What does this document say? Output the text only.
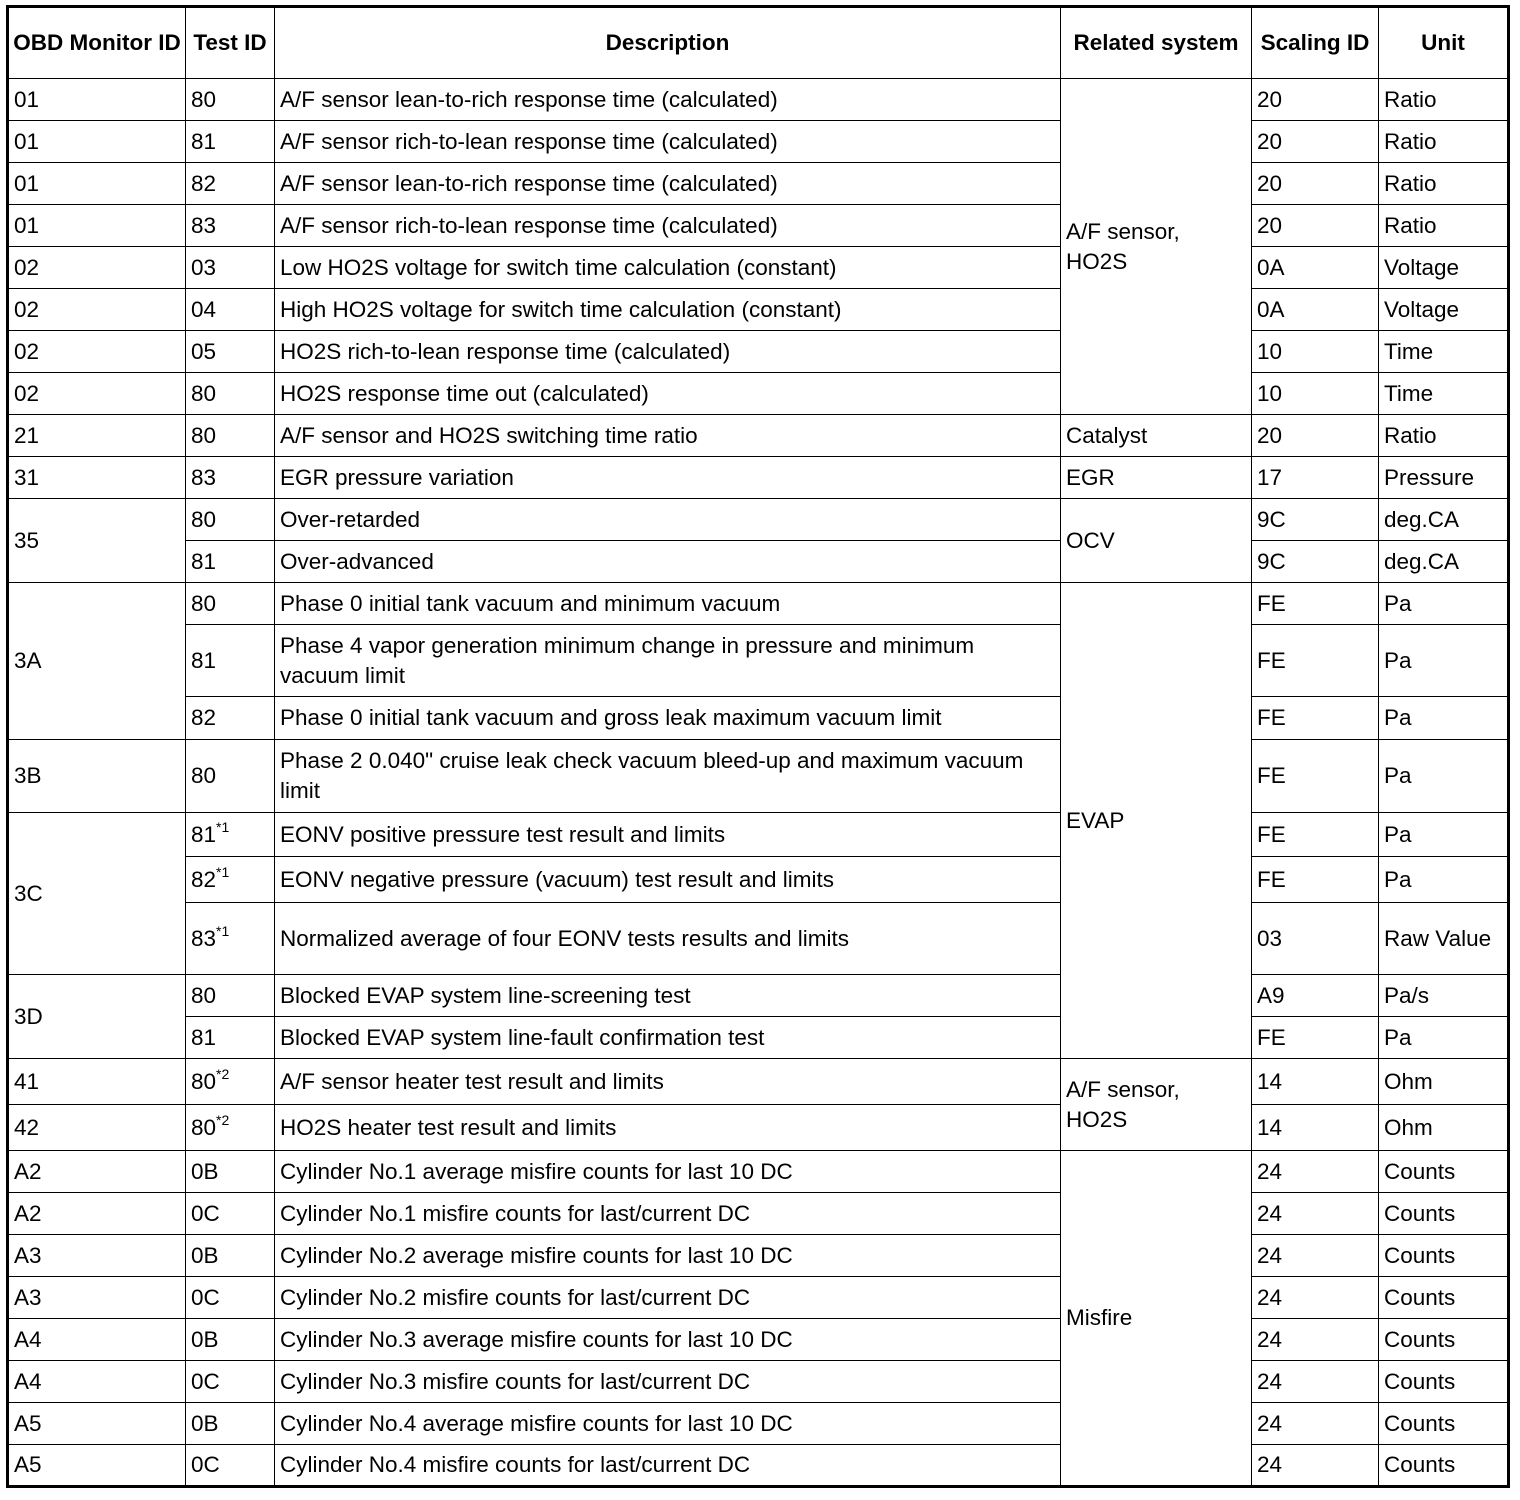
OBD Monitor ID	Test ID	Description	Related system	Scaling ID	Unit
01	80	A/F sensor lean-to-rich response time (calculated)	A/F sensor, HO2S	20	Ratio
01	81	A/F sensor rich-to-lean response time (calculated)		20	Ratio
01	82	A/F sensor lean-to-rich response time (calculated)		20	Ratio
01	83	A/F sensor rich-to-lean response time (calculated)		20	Ratio
02	03	Low HO2S voltage for switch time calculation (constant)		0A	Voltage
02	04	High HO2S voltage for switch time calculation (constant)		0A	Voltage
02	05	HO2S rich-to-lean response time (calculated)		10	Time
02	80	HO2S response time out (calculated)		10	Time
21	80	A/F sensor and HO2S switching time ratio	Catalyst	20	Ratio
31	83	EGR pressure variation	EGR	17	Pressure
35	80	Over-retarded	OCV	9C	deg.CA
	81	Over-advanced		9C	deg.CA
3A	80	Phase 0 initial tank vacuum and minimum vacuum	EVAP	FE	Pa
	81	Phase 4 vapor generation minimum change in pressure and minimum vacuum limit		FE	Pa
	82	Phase 0 initial tank vacuum and gross leak maximum vacuum limit		FE	Pa
3B	80	Phase 2 0.040" cruise leak check vacuum bleed-up and maximum vacuum limit		FE	Pa
3C	81$^{*1}$	EONV positive pressure test result and limits		FE	Pa
	82$^{*1}$	EONV negative pressure (vacuum) test result and limits		FE	Pa
	83$^{*1}$	Normalized average of four EONV tests results and limits		03	Raw Value
3D	80	Blocked EVAP system line-screening test		A9	Pa/s
	81	Blocked EVAP system line-fault confirmation test		FE	Pa
41	80$^{*2}$	A/F sensor heater test result and limits	A/F sensor, HO2S	14	Ohm
42	80$^{*2}$	HO2S heater test result and limits		14	Ohm
A2	0B	Cylinder No.1 average misfire counts for last 10 DC	Misfire	24	Counts
A2	0C	Cylinder No.1 misfire counts for last/current DC		24	Counts
A3	0B	Cylinder No.2 average misfire counts for last 10 DC		24	Counts
A3	0C	Cylinder No.2 misfire counts for last/current DC		24	Counts
A4	0B	Cylinder No.3 average misfire counts for last 10 DC		24	Counts
A4	0C	Cylinder No.3 misfire counts for last/current DC		24	Counts
A5	0B	Cylinder No.4 average misfire counts for last 10 DC		24	Counts
A5	0C	Cylinder No.4 misfire counts for last/current DC		24	Counts
